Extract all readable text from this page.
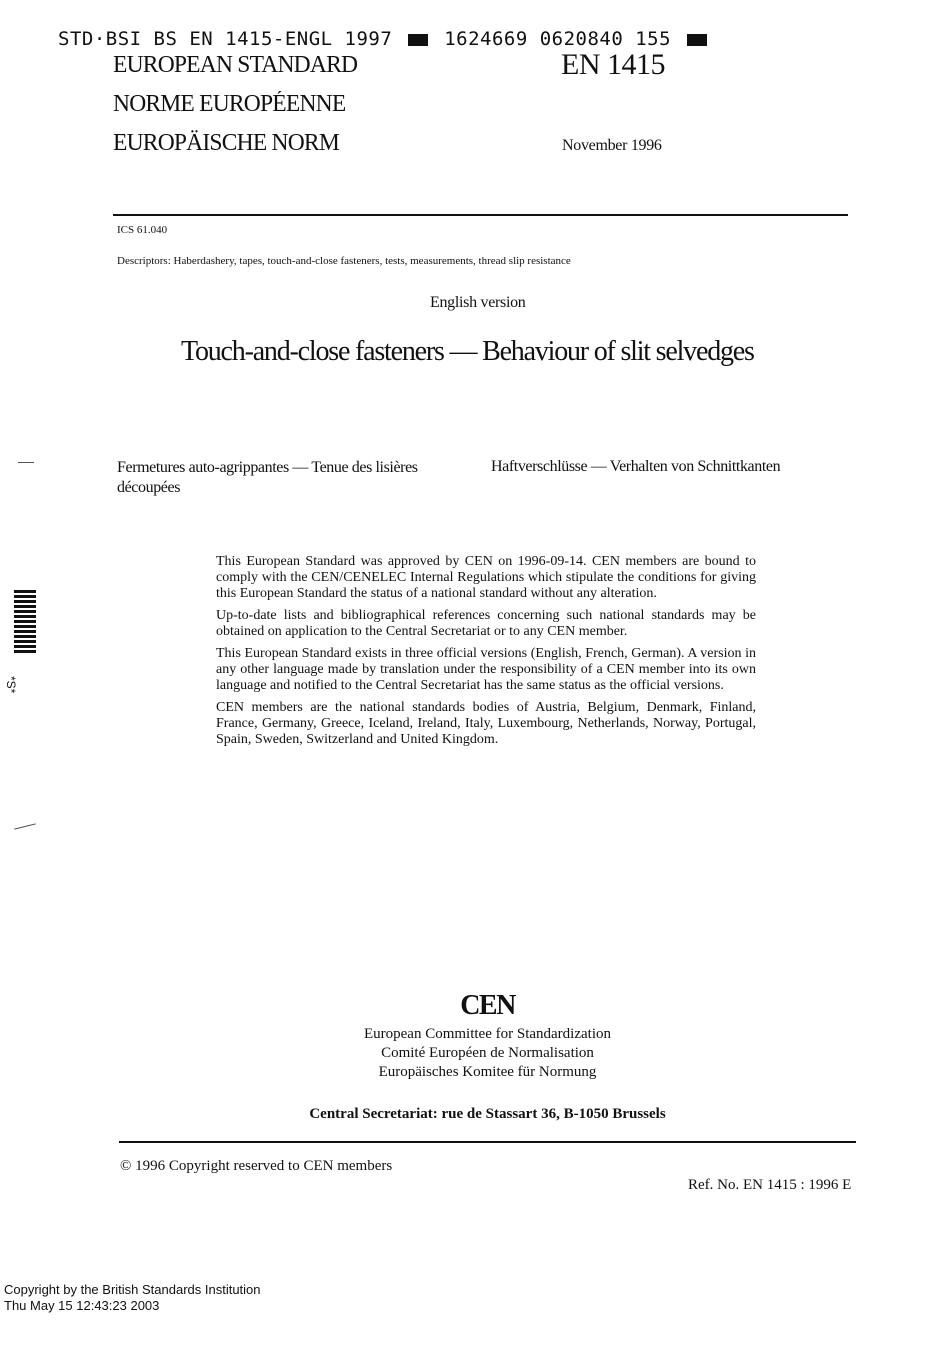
STD·BSI BS EN 1415-ENGL 1997	1624669 0620840 155
EUROPEAN STANDARD
NORME EUROPÉENNE
EUROPÄISCHE NORM
EN 1415
November 1996
ICS 61.040
Descriptors: Haberdashery, tapes, touch-and-close fasteners, tests, measurements, thread slip resistance
English version
Touch-and-close fasteners — Behaviour of slit selvedges
Fermetures auto-agrippantes — Tenue des lisières découpées
Haftverschlüsse — Verhalten von Schnittkanten

This European Standard was approved by CEN on 1996-09-14. CEN members are bound to comply with the CEN/CENELEC Internal Regulations which stipulate the conditions for giving this European Standard the status of a national standard without any alteration.

Up-to-date lists and bibliographical references concerning such national standards may be obtained on application to the Central Secretariat or to any CEN member.

This European Standard exists in three official versions (English, French, German). A version in any other language made by translation under the responsibility of a CEN member into its own language and notified to the Central Secretariat has the same status as the official versions.

CEN members are the national standards bodies of Austria, Belgium, Denmark, Finland, France, Germany, Greece, Iceland, Ireland, Italy, Luxembourg, Netherlands, Norway, Portugal, Spain, Sweden, Switzerland and United Kingdom.

CEN
European Committee for Standardization
Comité Européen de Normalisation
Europäisches Komitee für Normung
Central Secretariat: rue de Stassart 36, B-1050 Brussels
© 1996 Copyright reserved to CEN members
Ref. No. EN 1415 : 1996 E
Copyright by the British Standards Institution
Thu May 15 12:43:23 2003
*S*
